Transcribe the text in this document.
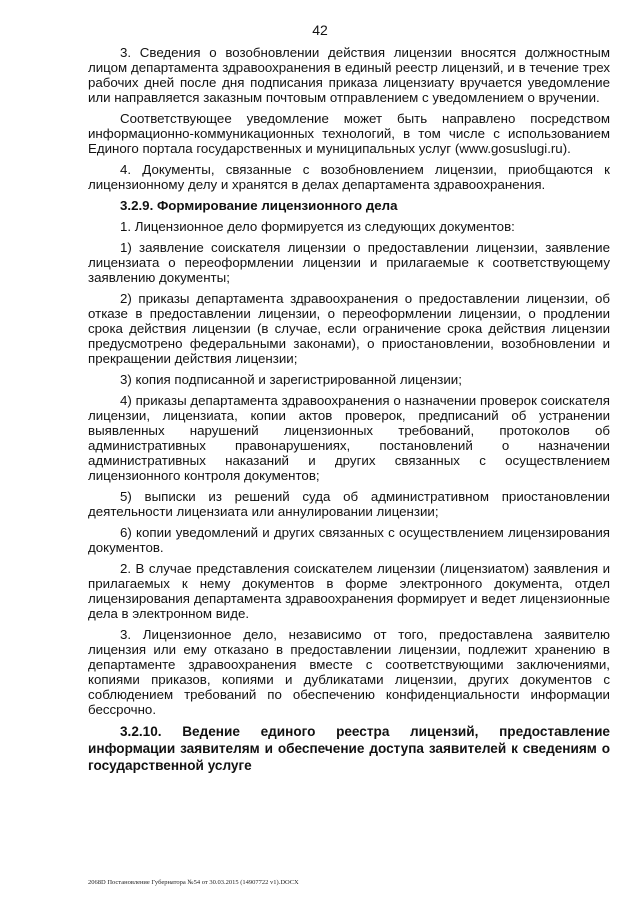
42

3. Сведения о возобновлении действия лицензии вносятся должностным лицом департамента здравоохранения в единый реестр лицензий, и в течение трех рабочих дней после дня подписания приказа лицензиату вручается уведомление или направляется заказным почтовым отправлением с уведомлением о вручении.

Соответствующее уведомление может быть направлено посредством информационно-коммуникационных технологий, в том числе с использованием Единого портала государственных и муниципальных услуг (www.gosuslugi.ru).

4. Документы, связанные с возобновлением лицензии, приобщаются к лицензионному делу и хранятся в делах департамента здравоохранения.

3.2.9. Формирование лицензионного дела

1. Лицензионное дело формируется из следующих документов:

1) заявление соискателя лицензии о предоставлении лицензии, заявление лицензиата о переоформлении лицензии и прилагаемые к соответствующему заявлению документы;

2) приказы департамента здравоохранения о предоставлении лицензии, об отказе в предоставлении лицензии, о переоформлении лицензии, о продлении срока действия лицензии (в случае, если ограничение срока действия лицензии предусмотрено федеральными законами), о приостановлении, возобновлении и прекращении действия лицензии;

3) копия подписанной и зарегистрированной лицензии;

4) приказы департамента здравоохранения о назначении проверок соискателя лицензии, лицензиата, копии актов проверок, предписаний об устранении выявленных нарушений лицензионных требований, протоколов об административных правонарушениях, постановлений о назначении административных наказаний и других связанных с осуществлением лицензионного контроля документов;

5) выписки из решений суда об административном приостановлении деятельности лицензиата или аннулировании лицензии;

6) копии уведомлений и других связанных с осуществлением лицензирования документов.

2. В случае представления соискателем лицензии (лицензиатом) заявления и прилагаемых к нему документов в форме электронного документа, отдел лицензирования департамента здравоохранения формирует и ведет лицензионные дела в электронном виде.

3. Лицензионное дело, независимо от того, предоставлена заявителю лицензия или ему отказано в предоставлении лицензии, подлежит хранению в департаменте здравоохранения вместе с соответствующими заключениями, копиями приказов, копиями и дубликатами лицензии, других документов с соблюдением требований по обеспечению конфиденциальности информации бессрочно.

3.2.10. Ведение единого реестра лицензий, предоставление информации заявителям и обеспечение доступа заявителей к сведениям о государственной услуге

2068D Постановление Губернатора №54 от 30.03.2015 (14907722 v1).DOCX
